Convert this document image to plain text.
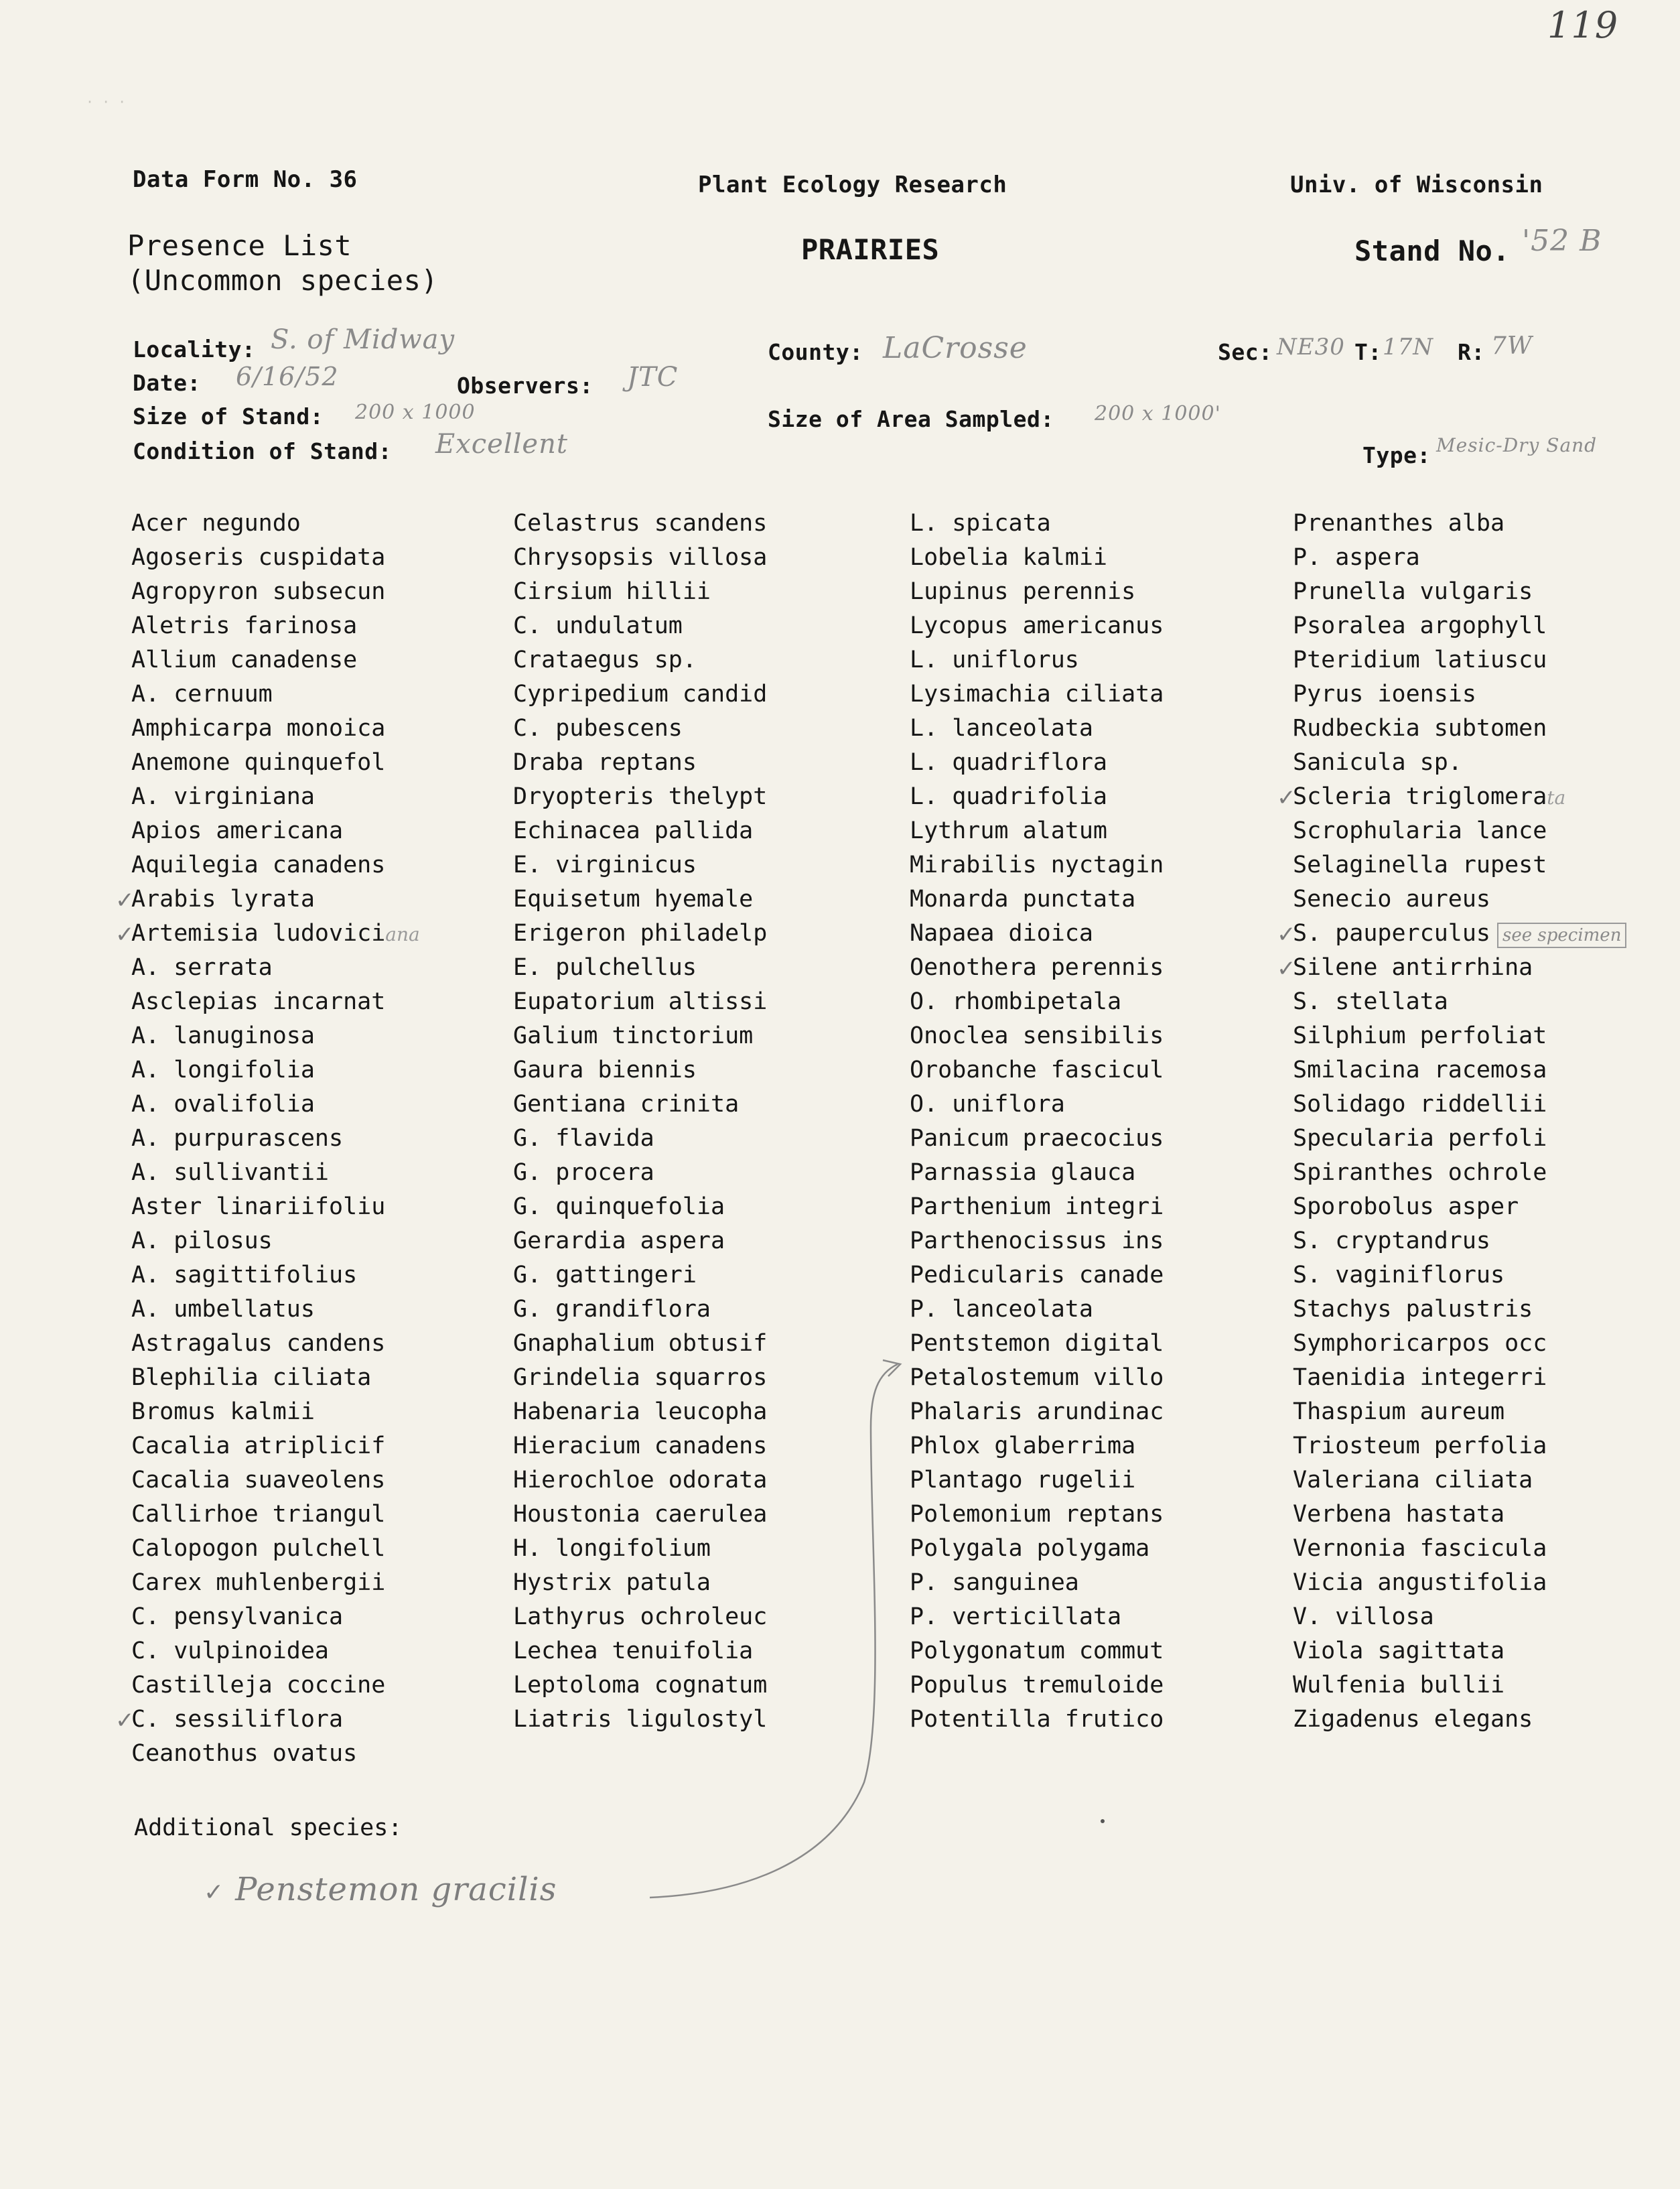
119
· · ·
Data Form No. 36	Plant Ecology Research	Univ. of Wisconsin
Presence List
(Uncommon species)
PRAIRIES	Stand No. '52 B
Locality: S. of Midway	County: LaCrosse	Sec: NE30 T: 17N R: 7W
Date: 6/16/52	Observers: JTC
Size of Stand: 200 x 1000	Size of Area Sampled: 200 x 1000'
Condition of Stand: Excellent	Type: Mesic-Dry Sand
Acer negundo
Agoseris cuspidata
Agropyron subsecun
Aletris farinosa
Allium canadense
A. cernuum
Amphicarpa monoica
Anemone quinquefol
A. virginiana
Apios americana
Aquilegia canadens
✓
Arabis lyrata
✓
Artemisia ludoviciana
A. serrata
Asclepias incarnat
A. lanuginosa
A. longifolia
A. ovalifolia
A. purpurascens
A. sullivantii
Aster linariifoliu
A. pilosus
A. sagittifolius
A. umbellatus
Astragalus candens
Blephilia ciliata
Bromus kalmii
Cacalia atriplicif
Cacalia suaveolens
Callirhoe triangul
Calopogon pulchell
Carex muhlenbergii
C. pensylvanica
C. vulpinoidea
Castilleja coccine
✓
C. sessiliflora
Ceanothus ovatus
Celastrus scandens
Chrysopsis villosa
Cirsium hillii
C. undulatum
Crataegus sp.
Cypripedium candid
C. pubescens
Draba reptans
Dryopteris thelypt
Echinacea pallida
E. virginicus
Equisetum hyemale
Erigeron philadelp
E. pulchellus
Eupatorium altissi
Galium tinctorium
Gaura biennis
Gentiana crinita
G. flavida
G. procera
G. quinquefolia
Gerardia aspera
G. gattingeri
G. grandiflora
Gnaphalium obtusif
Grindelia squarros
Habenaria leucopha
Hieracium canadens
Hierochloe odorata
Houstonia caerulea
H. longifolium
Hystrix patula
Lathyrus ochroleuc
Lechea tenuifolia
Leptoloma cognatum
Liatris ligulostyl
L. spicata
Lobelia kalmii
Lupinus perennis
Lycopus americanus
L. uniflorus
Lysimachia ciliata
L. lanceolata
L. quadriflora
L. quadrifolia
Lythrum alatum
Mirabilis nyctagin
Monarda punctata
Napaea dioica
Oenothera perennis
O. rhombipetala
Onoclea sensibilis
Orobanche fascicul
O. uniflora
Panicum praecocius
Parnassia glauca
Parthenium integri
Parthenocissus ins
Pedicularis canade
P. lanceolata
Pentstemon digital
Petalostemum villo
Phalaris arundinac
Phlox glaberrima
Plantago rugelii
Polemonium reptans
Polygala polygama
P. sanguinea
P. verticillata
Polygonatum commut
Populus tremuloide
Potentilla frutico
Prenanthes alba
P. aspera
Prunella vulgaris
Psoralea argophyll
Pteridium latiuscu
Pyrus ioensis
Rudbeckia subtomen
Sanicula sp.
✓
Scleria triglomerata
Scrophularia lance
Selaginella rupest
Senecio aureus
✓
S. pauperculus see specimen
✓
Silene antirrhina
S. stellata
Silphium perfoliat
Smilacina racemosa
Solidago riddellii
Specularia perfoli
Spiranthes ochrole
Sporobolus asper
S. cryptandrus
S. vaginiflorus
Stachys palustris
Symphoricarpos occ
Taenidia integerri
Thaspium aureum
Triosteum perfolia
Valeriana ciliata
Verbena hastata
Vernonia fascicula
Vicia angustifolia
V. villosa
Viola sagittata
Wulfenia bullii
Zigadenus elegans
Additional species:
✓ Penstemon gracilis
